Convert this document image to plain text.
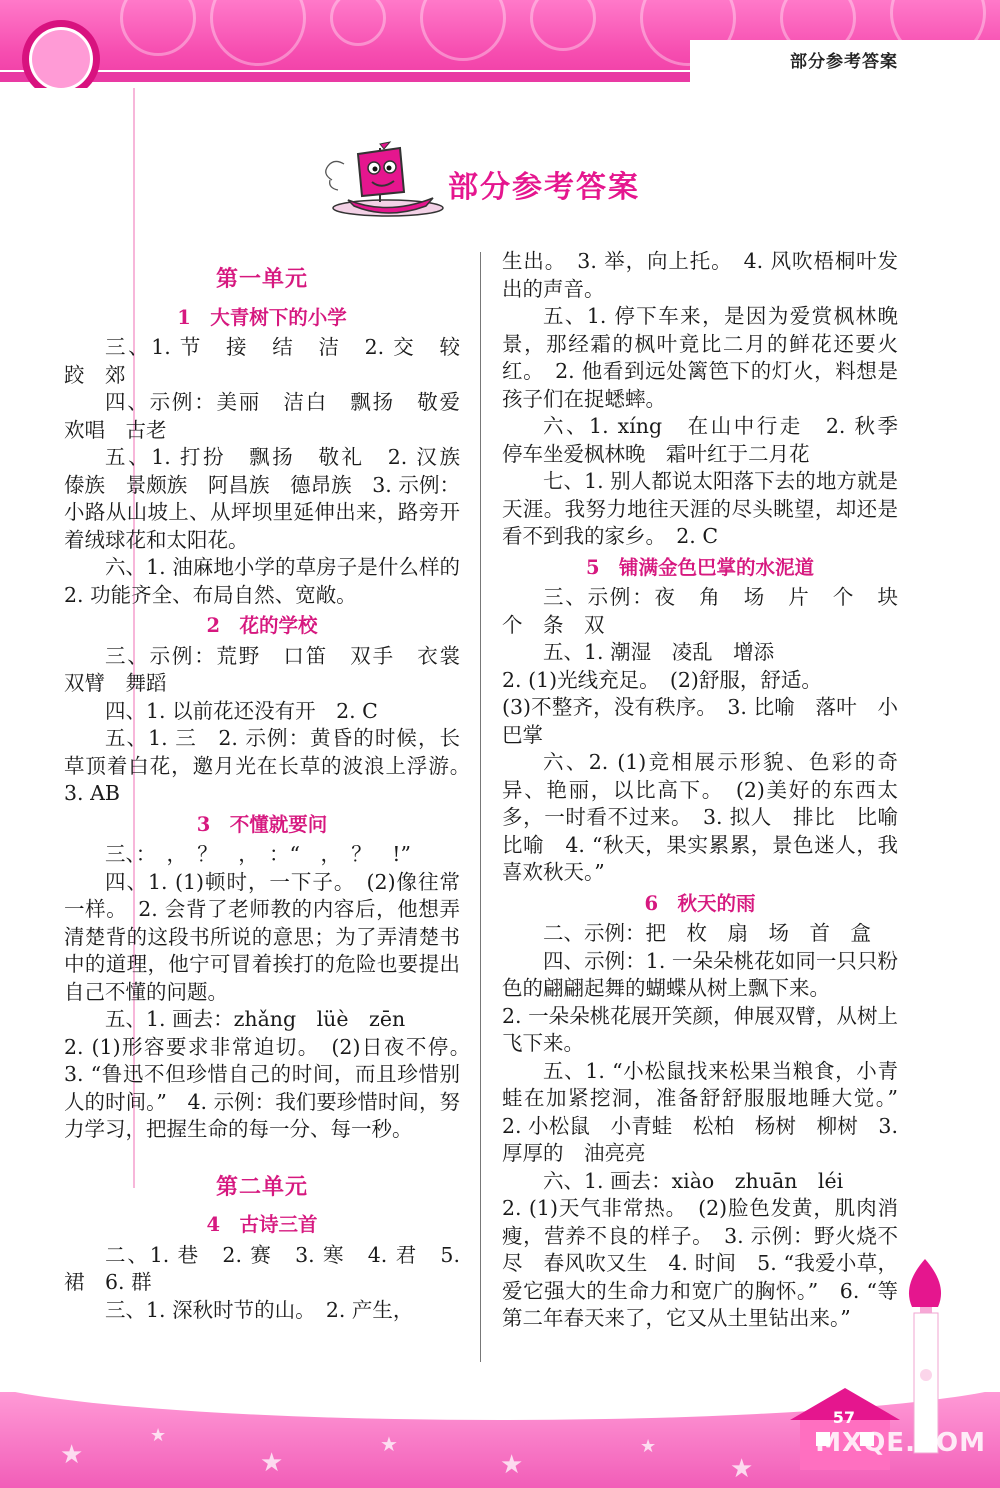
部分参考答案
部分参考答案

第一单元

1　大青树下的小学

三、1. 节　接　结　洁　2. 交　较　跤　郊

四、示例：美丽　洁白　飘扬　敬爱　欢唱　古老

五、1. 打扮　飘扬　敬礼　2. 汉族　傣族　景颇族　阿昌族　德昂族　3. 示例：小路从山坡上、从坪坝里延伸出来，路旁开着绒球花和太阳花。

六、1. 油麻地小学的草房子是什么样的　2. 功能齐全、布局自然、宽敞。

2　花的学校

三、示例：荒野　口笛　双手　衣裳　双臂　舞蹈

四、1. 以前花还没有开　2. C

五、1. 三　2. 示例：黄昏的时候，长草顶着白花，邀月光在长草的波浪上浮游。　3. AB

3　不懂就要问

三、：　，　？　，　：“　，　？　!”

四、1. (1)顿时，一下子。　(2)像往常一样。　2. 会背了老师教的内容后，他想弄清楚背的这段书所说的意思；为了弄清楚书中的道理，他宁可冒着挨打的危险也要提出自己不懂的问题。

五、1. 画去：zhǎng　lüè　zēn

2. (1)形容要求非常迫切。　(2)日夜不停。　3. “鲁迅不但珍惜自己的时间，而且珍惜别人的时间。”　4. 示例：我们要珍惜时间，努力学习，把握生命的每一分、每一秒。

第二单元

4　古诗三首

二、1. 巷　2. 赛　3. 寒　4. 君　5. 裙　6. 群

三、1. 深秋时节的山。　2. 产生，

生出。　3. 举，向上托。　4. 风吹梧桐叶发出的声音。

五、1. 停下车来，是因为爱赏枫林晚景，那经霜的枫叶竟比二月的鲜花还要火红。　2. 他看到远处篱笆下的灯火，料想是孩子们在捉蟋蟀。

六、1. xíng　在山中行走　2. 秋季　停车坐爱枫林晚　霜叶红于二月花

七、1. 别人都说太阳落下去的地方就是天涯。我努力地往天涯的尽头眺望，却还是看不到我的家乡。　2. C

5　铺满金色巴掌的水泥道

三、示例：夜　角　场　片　个　块　个　条　双

五、1. 潮湿　凌乱　增添

2. (1)光线充足。　(2)舒服，舒适。

(3)不整齐，没有秩序。　3. 比喻　落叶　小巴掌

六、2. (1)竞相展示形貌、色彩的奇异、艳丽，以比高下。　(2)美好的东西太多，一时看不过来。　3. 拟人　排比　比喻　比喻　4. “秋天，果实累累，景色迷人，我喜欢秋天。”

6　秋天的雨

二、示例：把　枚　扇　场　首　盒

四、示例：1. 一朵朵桃花如同一只只粉色的翩翩起舞的蝴蝶从树上飘下来。

2. 一朵朵桃花展开笑颜，伸展双臂，从树上飞下来。

五、1. “小松鼠找来松果当粮食，小青蛙在加紧挖洞，准备舒舒服服地睡大觉。”　2. 小松鼠　小青蛙　松柏　杨树　柳树　3. 厚厚的　油亮亮

六、1. 画去：xiào　zhuān　léi

2. (1)天气非常热。　(2)脸色发黄，肌肉消瘦，营养不良的样子。　3. 示例：野火烧不尽　春风吹又生　4. 时间　5. “我爱小草，爱它强大的生命力和宽广的胸怀。”　6. “等第二年春天来了，它又从土里钻出来。”

★
★
★
★
★
★
★
57
MXQE.COM
